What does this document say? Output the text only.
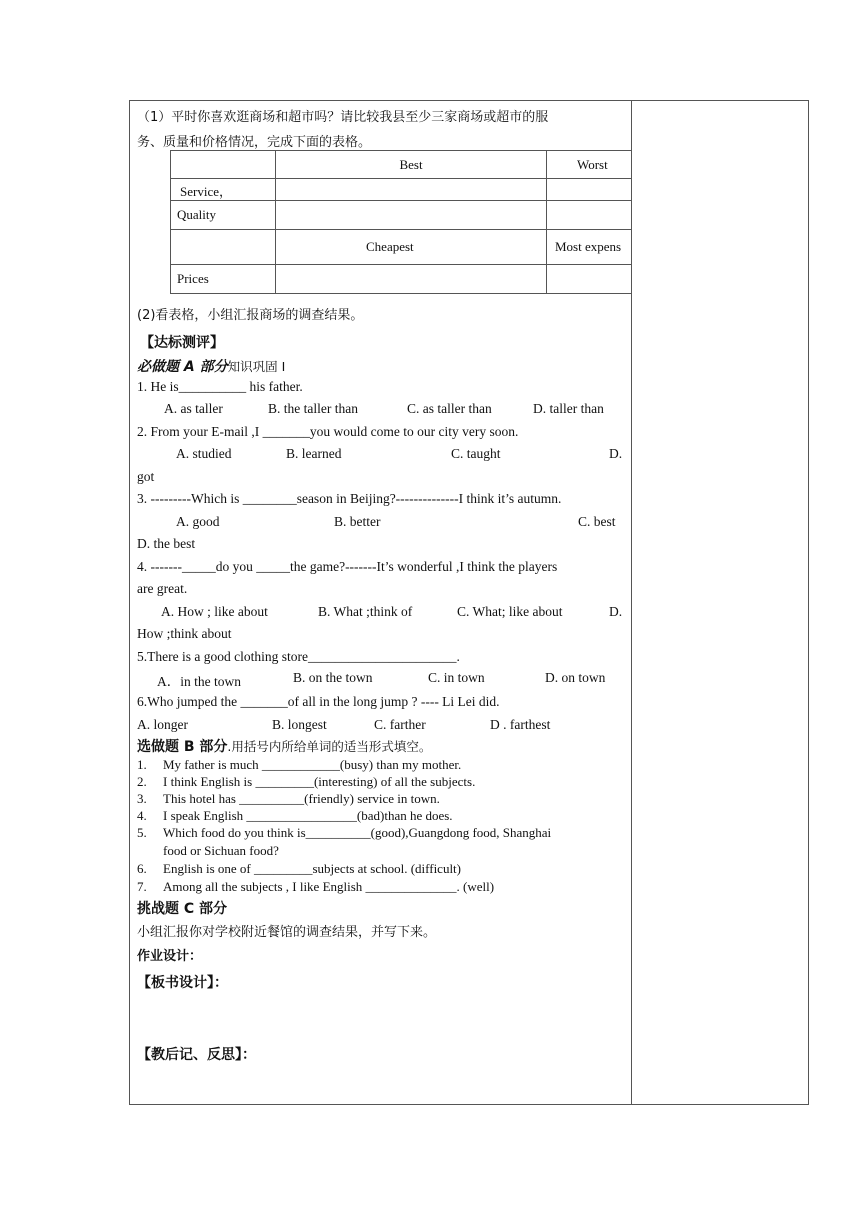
（1）平时你喜欢逛商场和超市吗？请比较我县至少三家商场或超市的服
务、质量和价格情况，完成下面的表格。
	Best	Worst
Service，		
Quality		
	Cheapest	Most expens
Prices		
(2)看表格，小组汇报商场的调查结果。
【达标测评】
必做题 A 部分知识巩固 I
1. He is__________ his father.
A. as taller	B. the taller than	C. as taller than	D. taller than
2. From your E-mail ,I _______you would come to our city very soon.
A. studied	B. learned	C. taught	D.
got
3. ---------Which is ________season in Beijing?--------------I think it’s autumn.
A. good	B. better	C. best
D. the best
4. -------_____do you _____the game?-------It’s wonderful ,I think the players
are great.
A. How ; like about	B. What ;think of	C. What; like about	D.
How ;think about
5.There is a good clothing store______________________.
A．in the town	B. on the town	C. in town	D. on town
6.Who jumped the _______of all in the long jump ? ---- Li Lei did.
A. longer	B. longest	C. farther	D . farthest
选做题 B 部分.用括号内所给单词的适当形式填空。
1. My father is much ____________(busy) than my mother.
2. I think English is _________(interesting) of all the subjects.
3. This hotel has __________(friendly) service in town.
4. I speak English _________________(bad)than he does.
5. Which food do you think is__________(good),Guangdong food, Shanghai
food or Sichuan food?
6. English is one of _________subjects at school. (difficult)
7. Among all the subjects , I like English ______________. (well)
挑战题 C 部分
小组汇报你对学校附近餐馆的调查结果，并写下来。
作业设计：
【板书设计】：
【教后记、反思】：
